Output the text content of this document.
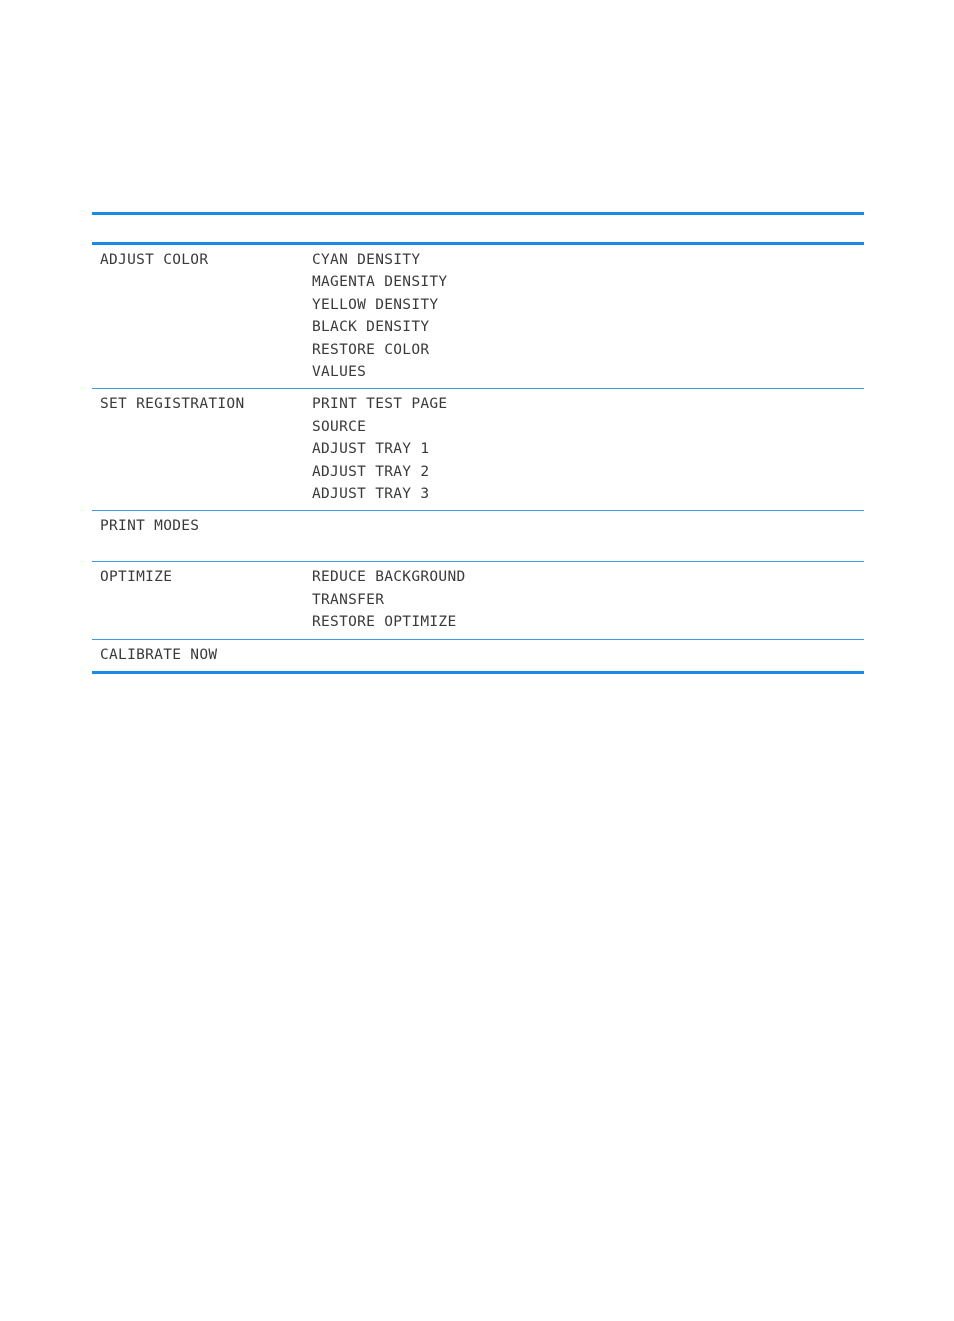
ADJUST COLOR	CYAN DENSITY
MAGENTA DENSITY
YELLOW DENSITY
BLACK DENSITY
RESTORE COLOR
VALUES
SET REGISTRATION	PRINT TEST PAGE
SOURCE
ADJUST TRAY 1
ADJUST TRAY 2
ADJUST TRAY 3
PRINT MODES
OPTIMIZE	REDUCE BACKGROUND
TRANSFER
RESTORE OPTIMIZE
CALIBRATE NOW
